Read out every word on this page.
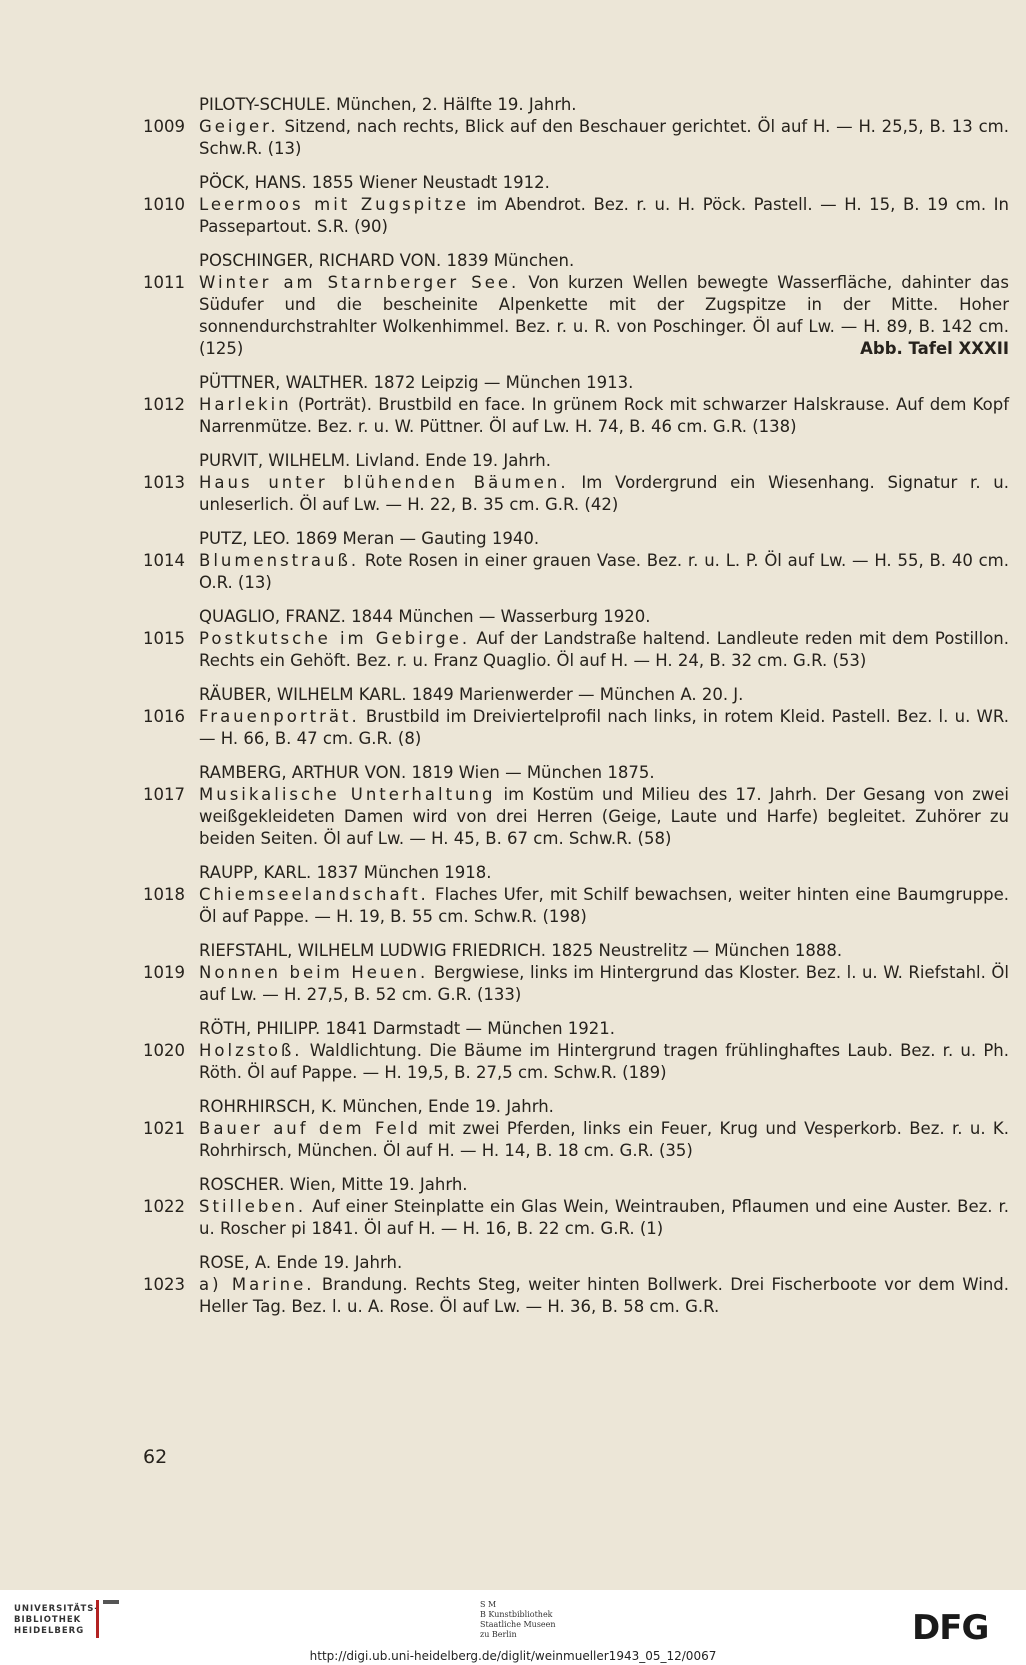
PILOTY-SCHULE. München, 2. Hälfte 19. Jahrh.
1009 Geiger. Sitzend, nach rechts, Blick auf den Beschauer gerichtet. Öl auf H. — H. 25,5, B. 13 cm. Schw.R. (13)
PÖCK, HANS. 1855 Wiener Neustadt 1912.
1010 Leermoos mit Zugspitze im Abendrot. Bez. r. u. H. Pöck. Pastell. — H. 15, B. 19 cm. In Passepartout. S.R. (90)
POSCHINGER, RICHARD VON. 1839 München.
1011 Winter am Starnberger See. Von kurzen Wellen bewegte Wasserfläche, dahinter das Südufer und die bescheinite Alpenkette mit der Zugspitze in der Mitte. Hoher sonnendurchstrahlter Wolkenhimmel. Bez. r. u. R. von Poschinger. Öl auf Lw. — H. 89, B. 142 cm. (125)	Abb. Tafel XXXII
PÜTTNER, WALTHER. 1872 Leipzig — München 1913.
1012 Harlekin (Porträt). Brustbild en face. In grünem Rock mit schwarzer Halskrause. Auf dem Kopf Narrenmütze. Bez. r. u. W. Püttner. Öl auf Lw. H. 74, B. 46 cm. G.R. (138)
PURVIT, WILHELM. Livland. Ende 19. Jahrh.
1013 Haus unter blühenden Bäumen. Im Vordergrund ein Wiesenhang. Signatur r. u. unleserlich. Öl auf Lw. — H. 22, B. 35 cm. G.R. (42)
PUTZ, LEO. 1869 Meran — Gauting 1940.
1014 Blumenstrauß. Rote Rosen in einer grauen Vase. Bez. r. u. L. P. Öl auf Lw. — H. 55, B. 40 cm. O.R. (13)
QUAGLIO, FRANZ. 1844 München — Wasserburg 1920.
1015 Postkutsche im Gebirge. Auf der Landstraße haltend. Landleute reden mit dem Postillon. Rechts ein Gehöft. Bez. r. u. Franz Quaglio. Öl auf H. — H. 24, B. 32 cm. G.R. (53)
RÄUBER, WILHELM KARL. 1849 Marienwerder — München A. 20. J.
1016 Frauenporträt. Brustbild im Dreiviertelprofil nach links, in rotem Kleid. Pastell. Bez. l. u. WR. — H. 66, B. 47 cm. G.R. (8)
RAMBERG, ARTHUR VON. 1819 Wien — München 1875.
1017 Musikalische Unterhaltung im Kostüm und Milieu des 17. Jahrh. Der Gesang von zwei weißgekleideten Damen wird von drei Herren (Geige, Laute und Harfe) begleitet. Zuhörer zu beiden Seiten. Öl auf Lw. — H. 45, B. 67 cm. Schw.R. (58)
RAUPP, KARL. 1837 München 1918.
1018 Chiemseelandschaft. Flaches Ufer, mit Schilf bewachsen, weiter hinten eine Baumgruppe. Öl auf Pappe. — H. 19, B. 55 cm. Schw.R. (198)
RIEFSTAHL, WILHELM LUDWIG FRIEDRICH. 1825 Neustrelitz — München 1888.
1019 Nonnen beim Heuen. Bergwiese, links im Hintergrund das Kloster. Bez. l. u. W. Riefstahl. Öl auf Lw. — H. 27,5, B. 52 cm. G.R. (133)
RÖTH, PHILIPP. 1841 Darmstadt — München 1921.
1020 Holzstoß. Waldlichtung. Die Bäume im Hintergrund tragen frühlinghaftes Laub. Bez. r. u. Ph. Röth. Öl auf Pappe. — H. 19,5, B. 27,5 cm. Schw.R. (189)
ROHRHIRSCH, K. München, Ende 19. Jahrh.
1021 Bauer auf dem Feld mit zwei Pferden, links ein Feuer, Krug und Vesperkorb. Bez. r. u. K. Rohrhirsch, München. Öl auf H. — H. 14, B. 18 cm. G.R. (35)
ROSCHER. Wien, Mitte 19. Jahrh.
1022 Stilleben. Auf einer Steinplatte ein Glas Wein, Weintrauben, Pflaumen und eine Auster. Bez. r. u. Roscher pi 1841. Öl auf H. — H. 16, B. 22 cm. G.R. (1)
ROSE, A. Ende 19. Jahrh.
1023 a) Marine. Brandung. Rechts Steg, weiter hinten Bollwerk. Drei Fischerboote vor dem Wind. Heller Tag. Bez. l. u. A. Rose. Öl auf Lw. — H. 36, B. 58 cm. G.R.
62
UNIVERSITÄTS-
BIBLIOTHEK
HEIDELBERG
S M
B Kunstbibliothek
Staatliche Museen
zu Berlin	DFG
http://digi.ub.uni-heidelberg.de/diglit/weinmueller1943_05_12/0067
